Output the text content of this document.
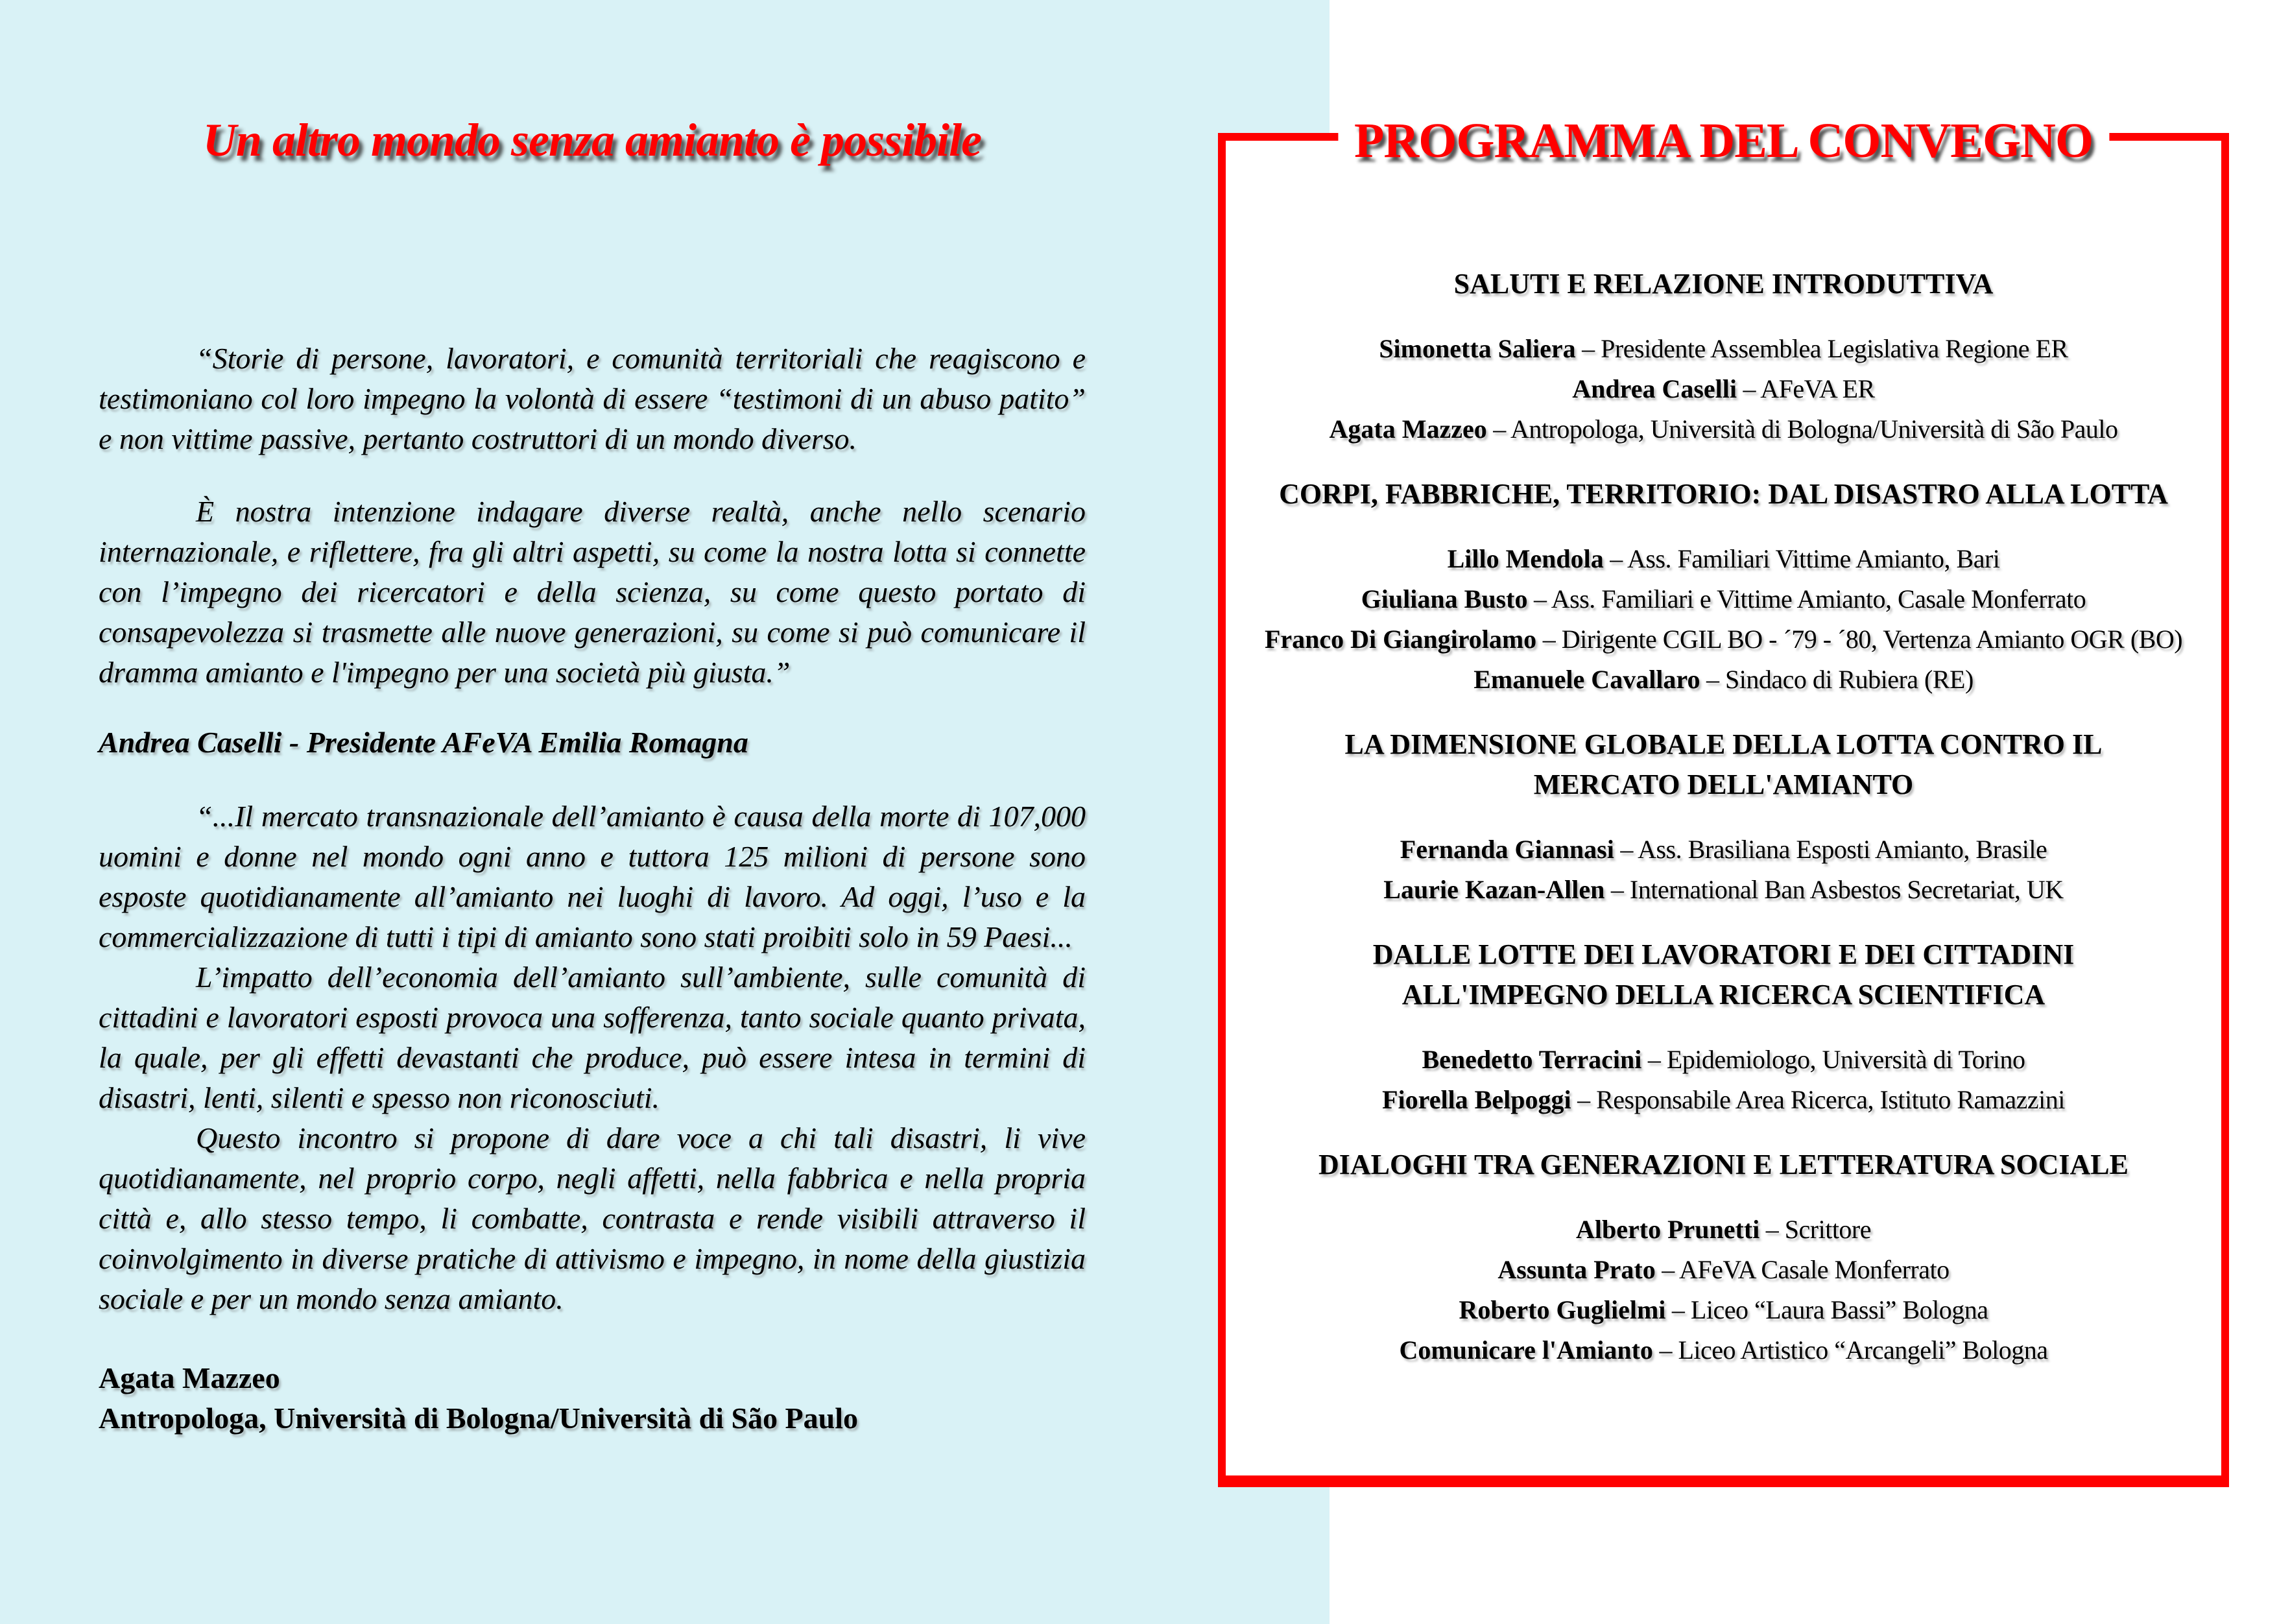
Un altro mondo senza amianto è possibile

“Storie di persone, lavoratori, e comunità territoriali che reagiscono e testimoniano col loro impegno la volontà di essere “testimoni di un abuso patito” e non vittime passive, pertanto costruttori di un mondo diverso.

È nostra intenzione indagare diverse realtà, anche nello scenario internazionale, e riflettere, fra gli altri aspetti, su come la nostra lotta si connette con l’impegno dei ricercatori e della scienza, su come questo portato di consapevolezza si trasmette alle nuove generazioni, su come si può comunicare il dramma amianto e l'impegno per una società più giusta.”

Andrea Caselli - Presidente AFeVA Emilia Romagna

“...Il mercato transnazionale dell’amianto è causa della morte di 107,000 uomini e donne nel mondo ogni anno e tuttora 125 milioni di persone sono esposte quotidianamente all’amianto nei luoghi di lavoro. Ad oggi, l’uso e la commercializzazione di tutti i tipi di amianto sono stati proibiti solo in 59 Paesi...

L’impatto dell’economia dell’amianto sull’ambiente, sulle comunità di cittadini e lavoratori esposti provoca una sofferenza, tanto sociale quanto privata, la quale, per gli effetti devastanti che produce, può essere intesa in termini di disastri, lenti, silenti e spesso non riconosciuti.

Questo incontro si propone di dare voce a chi tali disastri, li vive quotidianamente, nel proprio corpo, negli affetti, nella fabbrica e nella propria città e, allo stesso tempo, li combatte, contrasta e rende visibili attraverso il coinvolgimento in diverse pratiche di attivismo e impegno, in nome della giustizia sociale e per un mondo senza amianto.

Agata Mazzeo
Antropologa, Università di Bologna/Università di São Paulo

PROGRAMMA DEL CONVEGNO
SALUTI E RELAZIONE INTRODUTTIVA
Simonetta Saliera – Presidente Assemblea Legislativa Regione ER
Andrea Caselli – AFeVA ER
Agata Mazzeo – Antropologa, Università di Bologna/Università di São Paulo
CORPI, FABBRICHE, TERRITORIO: DAL DISASTRO ALLA LOTTA
Lillo Mendola – Ass. Familiari Vittime Amianto, Bari
Giuliana Busto – Ass. Familiari e Vittime Amianto, Casale Monferrato
Franco Di Giangirolamo – Dirigente CGIL BO - ´79 - ´80, Vertenza Amianto OGR (BO)
Emanuele Cavallaro – Sindaco di Rubiera (RE)
LA DIMENSIONE GLOBALE DELLA LOTTA CONTRO IL MERCATO DELL'AMIANTO
Fernanda Giannasi – Ass. Brasiliana Esposti Amianto, Brasile
Laurie Kazan-Allen – International Ban Asbestos Secretariat, UK
DALLE LOTTE DEI LAVORATORI E DEI CITTADINI ALL'IMPEGNO DELLA RICERCA SCIENTIFICA
Benedetto Terracini – Epidemiologo, Università di Torino
Fiorella Belpoggi – Responsabile Area Ricerca, Istituto Ramazzini
DIALOGHI TRA GENERAZIONI E LETTERATURA SOCIALE
Alberto Prunetti – Scrittore
Assunta Prato – AFeVA Casale Monferrato
Roberto Guglielmi – Liceo “Laura Bassi” Bologna
Comunicare l'Amianto – Liceo Artistico “Arcangeli” Bologna
